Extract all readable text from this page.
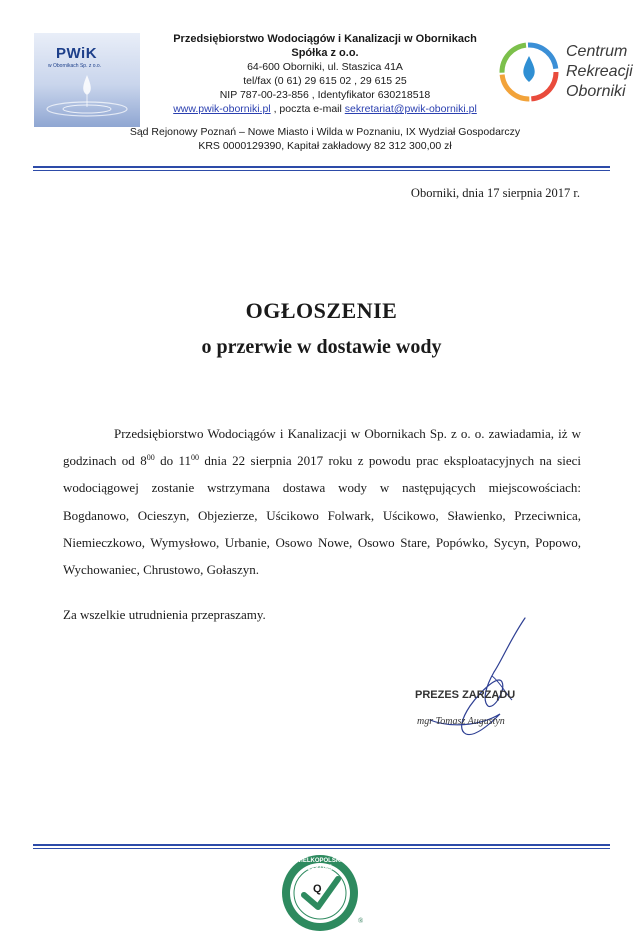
PWiK
w Obornikach Sp. z o.o.
Przedsiębiorstwo Wodociągów i Kanalizacji w Obornikach
Spółka z o.o.
64-600 Oborniki, ul. Staszica 41A
tel/fax (0 61) 29 615 02 , 29 615 25
NIP 787-00-23-856 , Identyfikator 630218518
www.pwik-oborniki.pl , poczta e-mail sekretariat@pwik-oborniki.pl
Centrum
Rekreacji
Oborniki
Sąd Rejonowy Poznań – Nowe Miasto i Wilda w Poznaniu, IX Wydział Gospodarczy
KRS 0000129390, Kapitał zakładowy 82 312 300,00 zł
Oborniki, dnia 17 sierpnia 2017 r.
OGŁOSZENIE
o przerwie w dostawie wody
Przedsiębiorstwo Wodociągów i Kanalizacji w Obornikach Sp. z o. o. zawiadamia, iż w godzinach od $8^{00}$ do $11^{00}$ dnia 22 sierpnia 2017 roku z powodu prac eksploatacyjnych na sieci wodociągowej zostanie wstrzymana dostawa wody w następujących miejscowościach: Bogdanowo, Ocieszyn, Objezierze, Uścikowo Folwark, Uścikowo, Sławienko, Przeciwnica, Niemieczkowo, Wymysłowo, Urbanie, Osowo Nowe, Osowo Stare, Popówko, Sycyn, Popowo, Wychowaniec, Chrustowo, Gołaszyn.
Za wszelkie utrudnienia przepraszamy.
PREZES ZARZĄDU
mgr Tomasz Augustyn
WIELKOPOLSKA
JAKOŚĆ
Q
®
